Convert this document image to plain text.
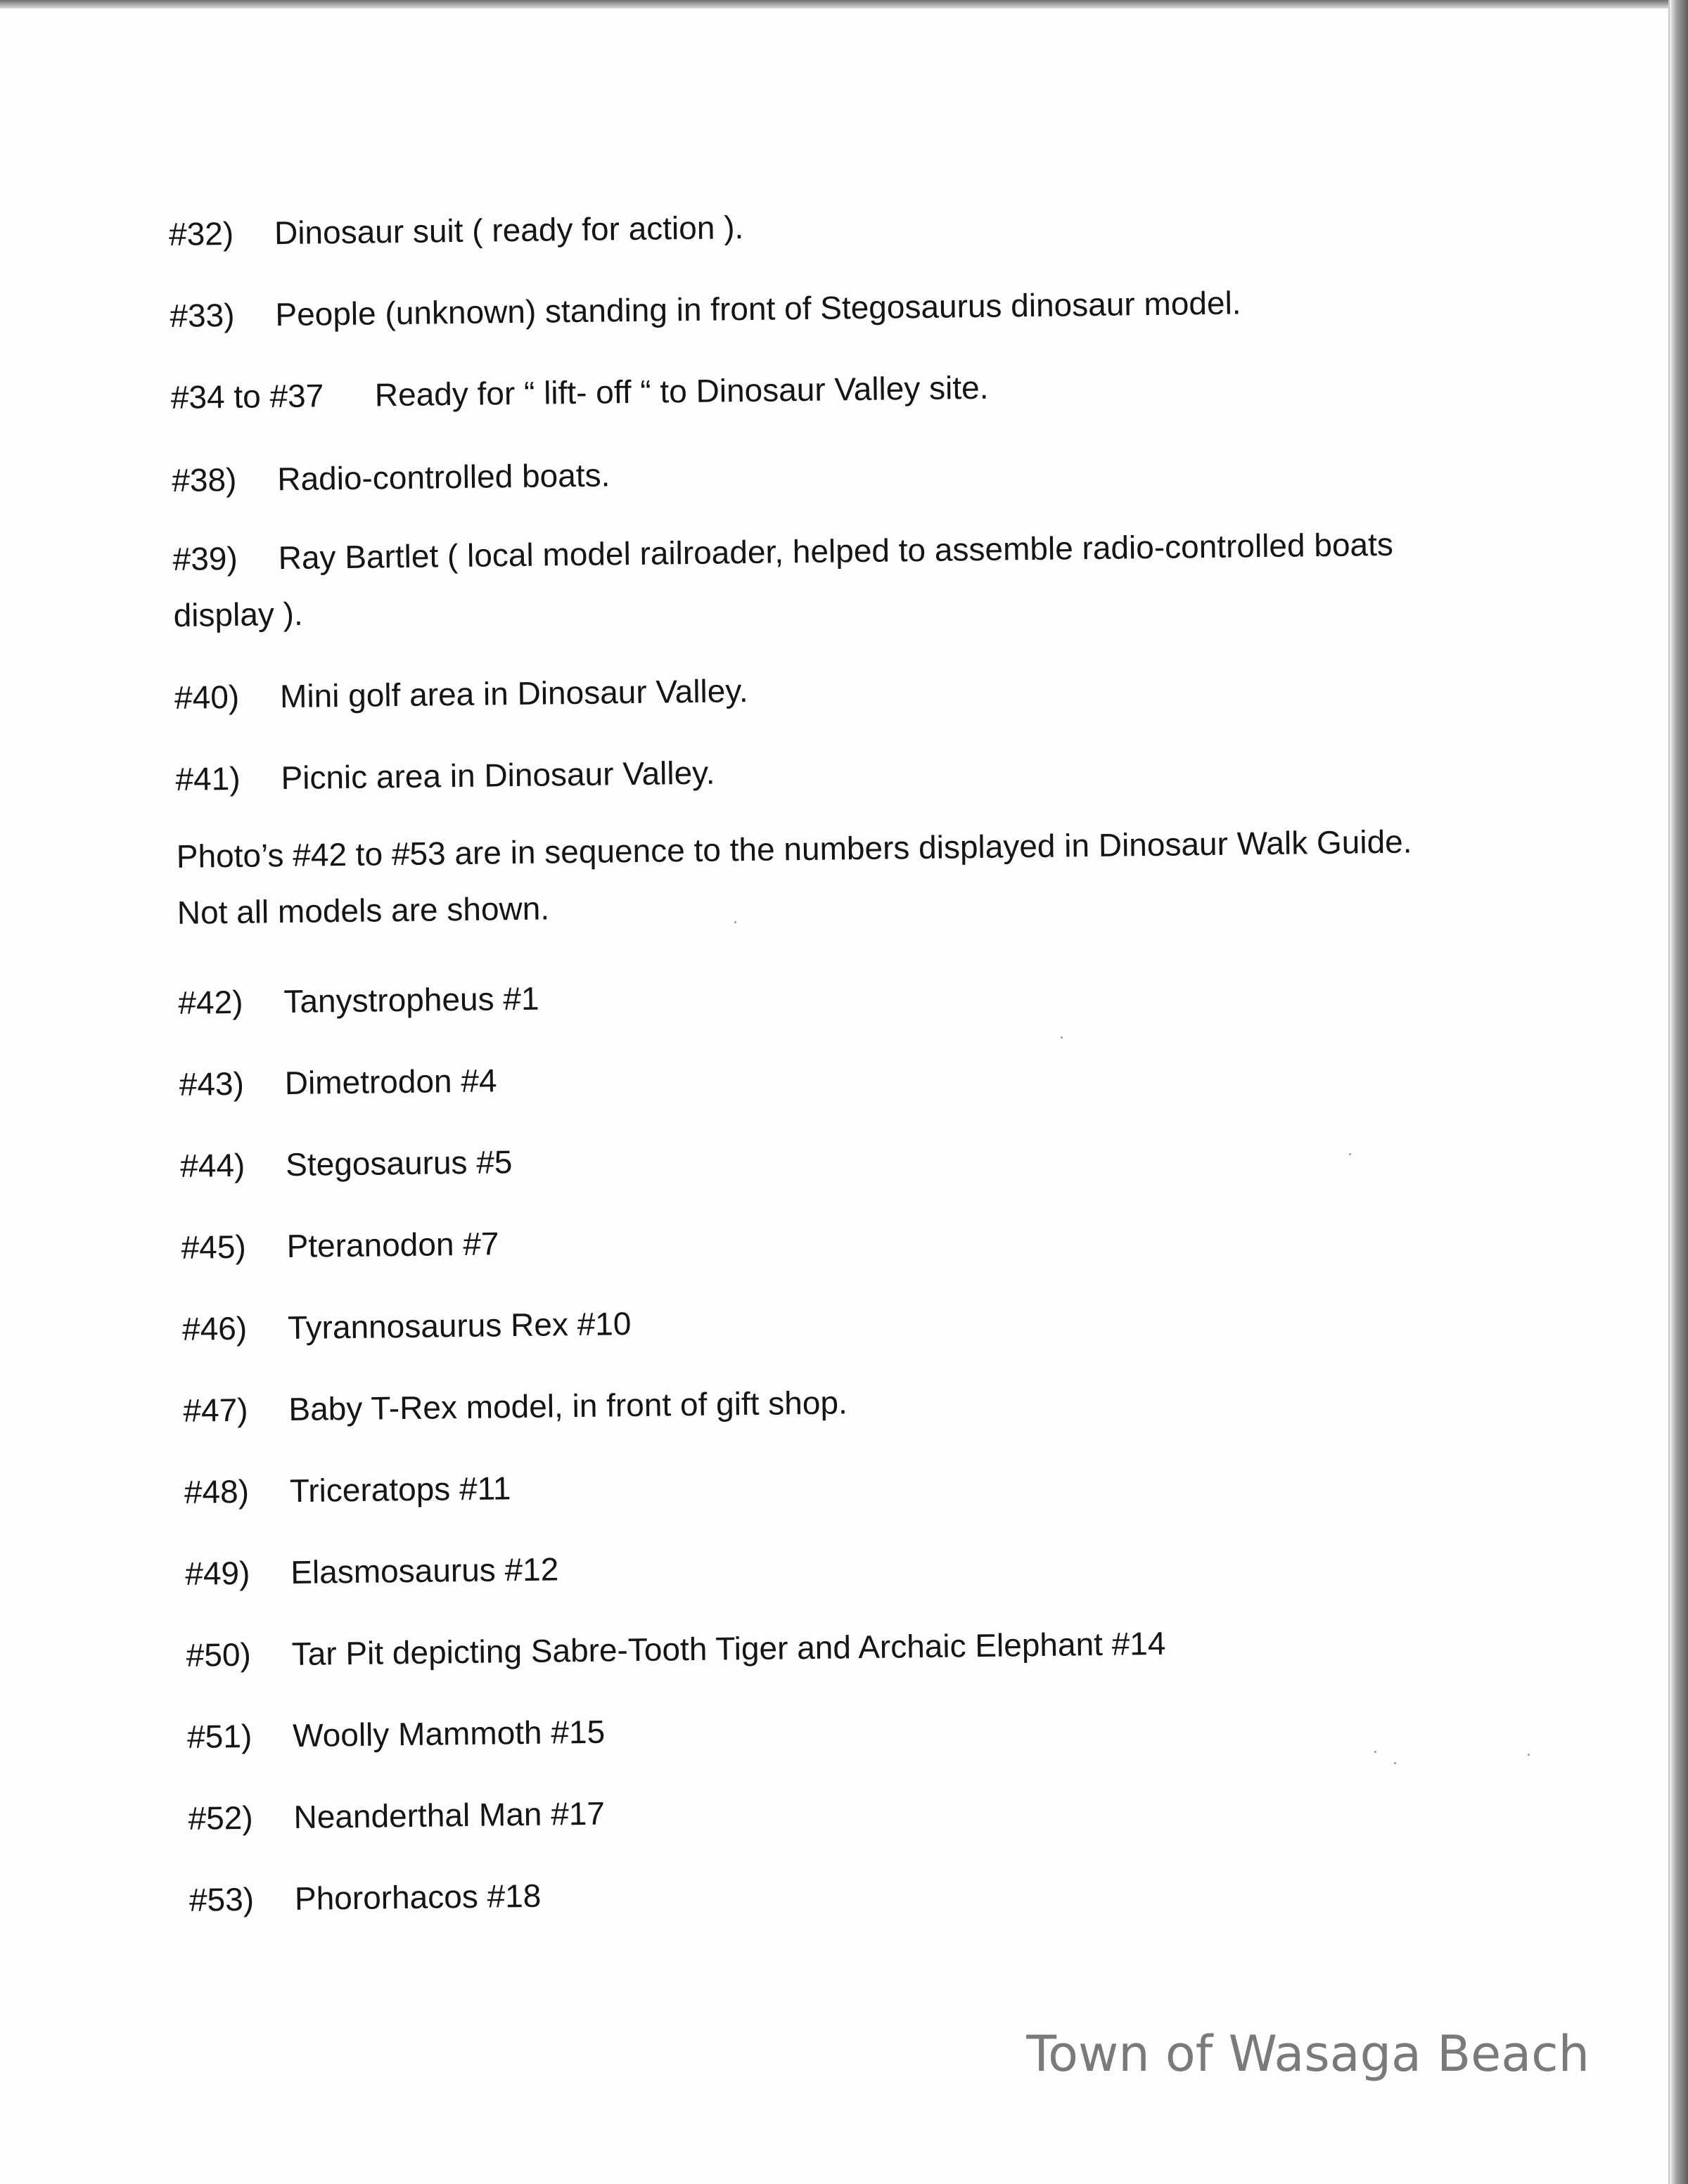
#32) Dinosaur suit ( ready for action ).
#33) People (unknown) standing in front of Stegosaurus dinosaur model.
#34 to #37 Ready for “ lift- off “ to Dinosaur Valley site.
#38) Radio-controlled boats.
#39) Ray Bartlet ( local model railroader, helped to assemble radio-controlled boats display ).
#40) Mini golf area in Dinosaur Valley.
#41) Picnic area in Dinosaur Valley.
Photo’s #42 to #53 are in sequence to the numbers displayed in Dinosaur Walk Guide. Not all models are shown.
#42) Tanystropheus #1
#43) Dimetrodon #4
#44) Stegosaurus #5
#45) Pteranodon #7
#46) Tyrannosaurus Rex #10
#47) Baby T-Rex model, in front of gift shop.
#48) Triceratops #11
#49) Elasmosaurus #12
#50) Tar Pit depicting Sabre-Tooth Tiger and Archaic Elephant #14
#51) Woolly Mammoth #15
#52) Neanderthal Man #17
#53) Phororhacos #18
Town of Wasaga Beach
